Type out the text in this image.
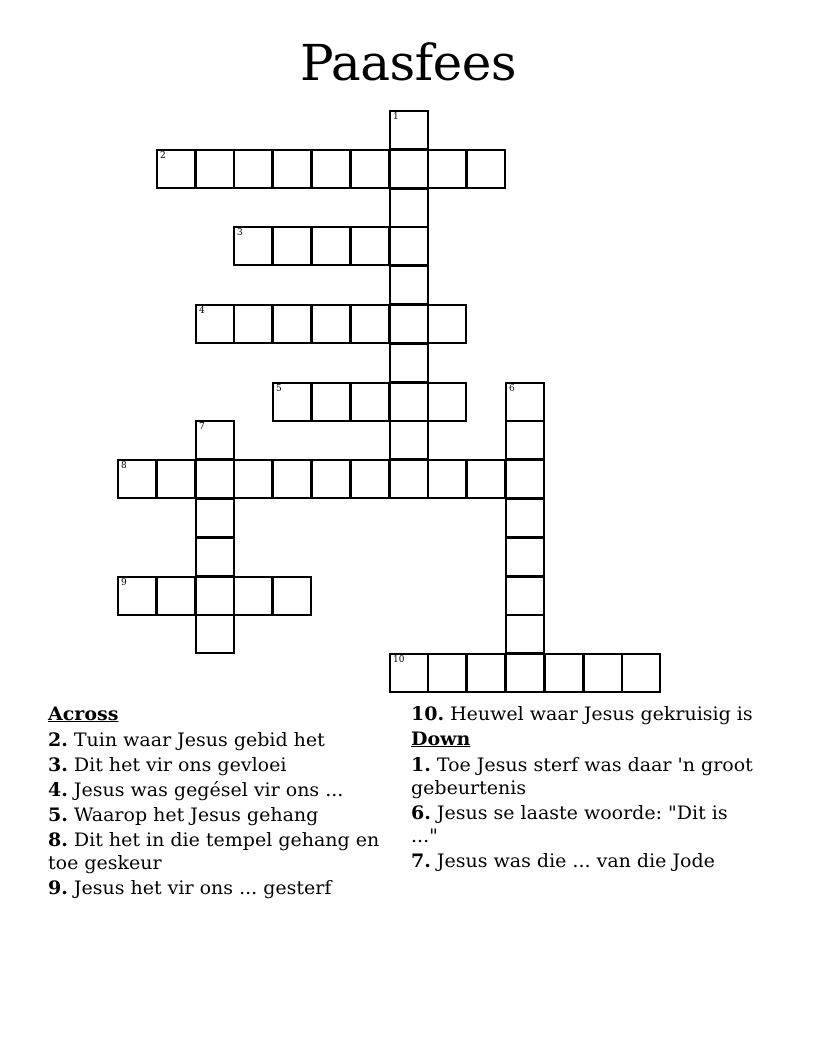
Paasfees
1
2
3
4
5	6
7
8
9
10
Across
2. Tuin waar Jesus gebid het
3. Dit het vir ons gevloei
4. Jesus was gegésel vir ons ...
5. Waarop het Jesus gehang
8. Dit het in die tempel gehang en toe geskeur
9. Jesus het vir ons ... gesterf
10. Heuwel waar Jesus gekruisig is
Down
1. Toe Jesus sterf was daar 'n groot gebeurtenis
6. Jesus se laaste woorde: "Dit is ..."
7. Jesus was die ... van die Jode
